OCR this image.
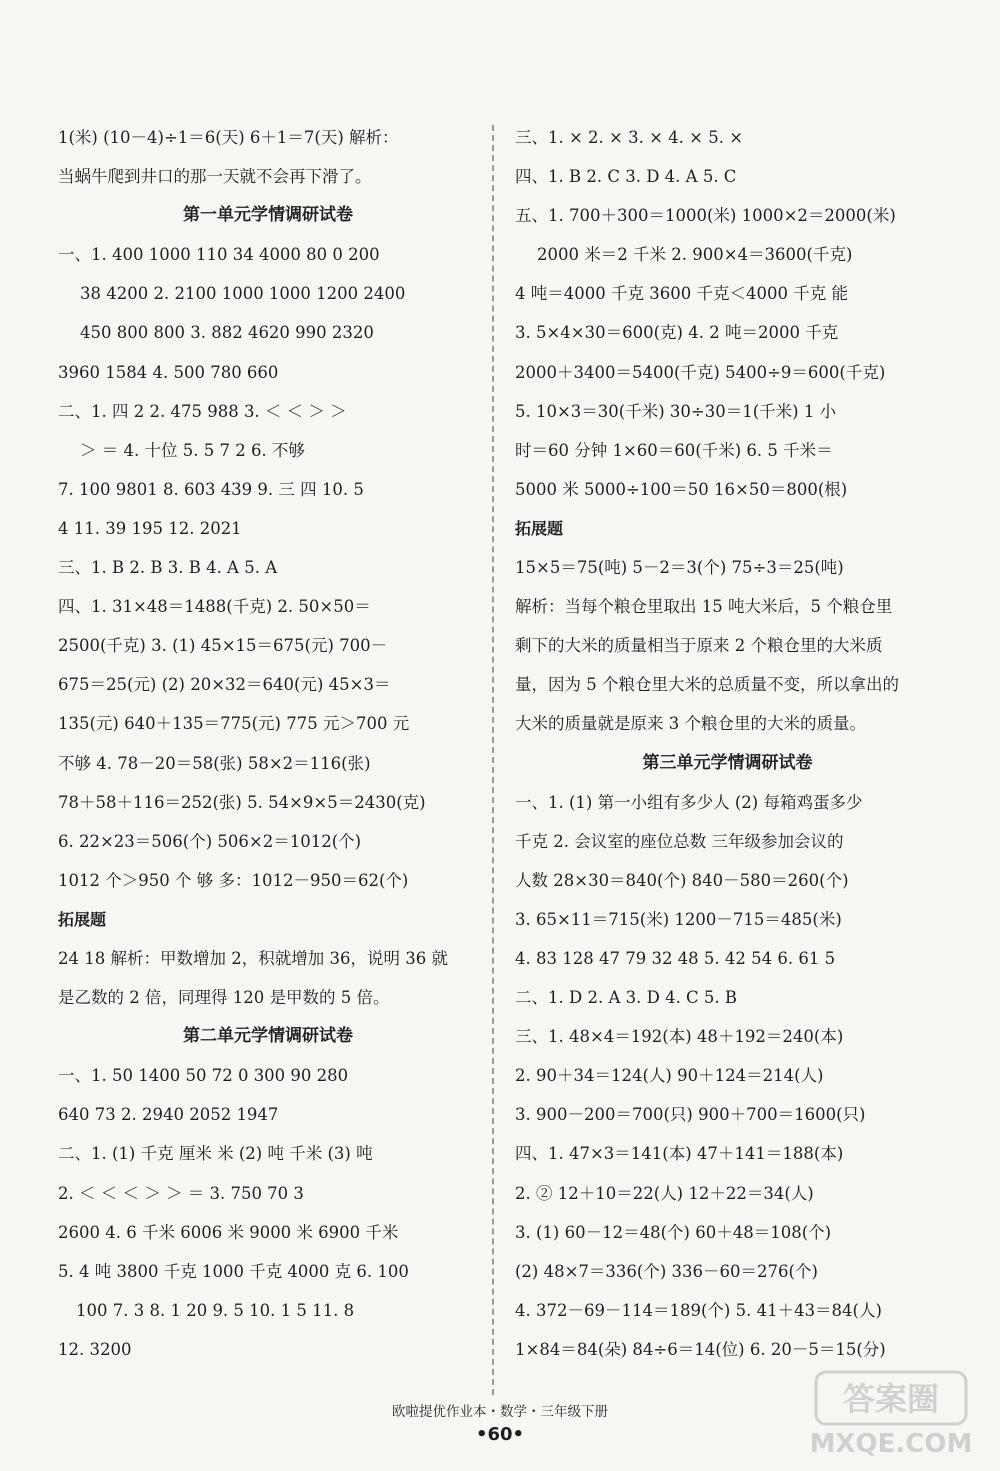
1(米) (10－4)÷1＝6(天) 6＋1＝7(天) 解析：
当蜗牛爬到井口的那一天就不会再下滑了。
第一单元学情调研试卷
一、1. 400 1000 110 34 4000 80 0 200
38 4200 2. 2100 1000 1000 1200 2400
450 800 800 3. 882 4620 990 2320
3960 1584 4. 500 780 660
二、1. 四 2 2. 475 988 3. ＜ ＜ ＞ ＞
＞ ＝ 4. 十位 5. 5 7 2 6. 不够
7. 100 9801 8. 603 439 9. 三 四 10. 5
4 11. 39 195 12. 2021
三、1. B 2. B 3. B 4. A 5. A
四、1. 31×48＝1488(千克) 2. 50×50＝
2500(千克) 3. (1) 45×15＝675(元) 700－
675＝25(元) (2) 20×32＝640(元) 45×3＝
135(元) 640＋135＝775(元) 775 元＞700 元
不够 4. 78－20＝58(张) 58×2＝116(张)
78＋58＋116＝252(张) 5. 54×9×5＝2430(克)
6. 22×23＝506(个) 506×2＝1012(个)
1012 个＞950 个 够 多：1012－950＝62(个)
拓展题
24 18 解析：甲数增加 2，积就增加 36，说明 36 就
是乙数的 2 倍，同理得 120 是甲数的 5 倍。
第二单元学情调研试卷
一、1. 50 1400 50 72 0 300 90 280
640 73 2. 2940 2052 1947
二、1. (1) 千克 厘米 米 (2) 吨 千米 (3) 吨
2. ＜ ＜ ＜ ＞ ＞ ＝ 3. 750 70 3
2600 4. 6 千米 6006 米 9000 米 6900 千米
5. 4 吨 3800 千克 1000 千克 4000 克 6. 100
100 7. 3 8. 1 20 9. 5 10. 1 5 11. 8
12. 3200
三、1. × 2. × 3. × 4. × 5. ×
四、1. B 2. C 3. D 4. A 5. C
五、1. 700＋300＝1000(米) 1000×2＝2000(米)
2000 米＝2 千米 2. 900×4＝3600(千克)
4 吨＝4000 千克 3600 千克＜4000 千克 能
3. 5×4×30＝600(克) 4. 2 吨＝2000 千克
2000＋3400＝5400(千克) 5400÷9＝600(千克)
5. 10×3＝30(千米) 30÷30＝1(千米) 1 小
时＝60 分钟 1×60＝60(千米) 6. 5 千米＝
5000 米 5000÷100＝50 16×50＝800(根)
拓展题
15×5＝75(吨) 5－2＝3(个) 75÷3＝25(吨)
解析：当每个粮仓里取出 15 吨大米后，5 个粮仓里
剩下的大米的质量相当于原来 2 个粮仓里的大米质
量，因为 5 个粮仓里大米的总质量不变，所以拿出的
大米的质量就是原来 3 个粮仓里的大米的质量。
第三单元学情调研试卷
一、1. (1) 第一小组有多少人 (2) 每箱鸡蛋多少
千克 2. 会议室的座位总数 三年级参加会议的
人数 28×30＝840(个) 840－580＝260(个)
3. 65×11＝715(米) 1200－715＝485(米)
4. 83 128 47 79 32 48 5. 42 54 6. 61 5
二、1. D 2. A 3. D 4. C 5. B
三、1. 48×4＝192(本) 48＋192＝240(本)
2. 90＋34＝124(人) 90＋124＝214(人)
3. 900－200＝700(只) 900＋700＝1600(只)
四、1. 47×3＝141(本) 47＋141＝188(本)
2. ② 12＋10＝22(人) 12＋22＝34(人)
3. (1) 60－12＝48(个) 60＋48＝108(个)
(2) 48×7＝336(个) 336－60＝276(个)
4. 372－69－114＝189(个) 5. 41＋43＝84(人)
1×84＝84(朵) 84÷6＝14(位) 6. 20－5＝15(分)
欧啦提优作业本・数学・三年级下册
•60•
答案圈
MXQE.COM
